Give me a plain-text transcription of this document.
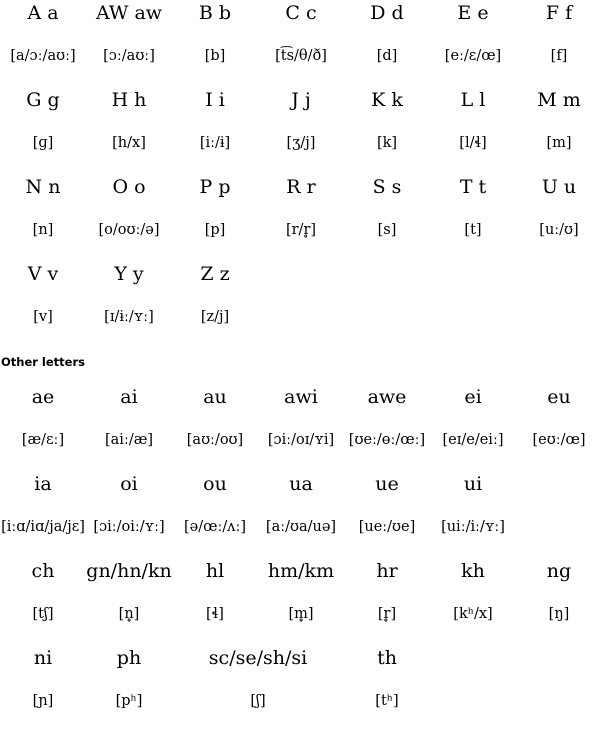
A a	AW aw	B b	C c	D d	E e	F f
[a/ɔː/aʊː]	[ɔː/aʊː]	[b]	[t͡s/θ/ð]	[d]	[eː/ɛ/œ]	[f]
G g	H h	I i	J j	K k	L l	M m
[ɡ]	[h/x]	[iː/ɨ]	[ʒ/j]	[k]	[l/ɬ]	[m]
N n	O o	P p	R r	S s	T t	U u
[n]	[o/oʊː/ə]	[p]	[r/r̥]	[s]	[t]	[uː/ʊ]
V v	Y y	Z z
[v]	[ɪ/ɨː/ʏː]	[z/j]
Other letters
ae	ai	au	awi	awe	ei	eu
[æ/ɛː]	[aiː/æ]	[aʊː/oʊ]	[ɔiː/oɪ/ʏi]	[ʊeː/ɵː/œː]	[eɪ/e/eiː]	[eʊː/œ]
ia	oi	ou	ua	ue	ui
[iːɑ/iɑ/ja/jɛ] [ɔiː/oiː/ʏː]	[ə/œː/ʌː]	[aː/ʊa/uə]	[ueː/ʊe]	[uiː/iː/ʏː]
ch	gn/hn/kn	hl	hm/km	hr	kh	ng
[tʃ]	[n̥]	[ɬ]	[m̥]	[r̥]	[kʰ/x]	[ŋ]
ni	ph	sc/se/sh/si	th
[ɲ]	[pʰ]	[ʃ]	[tʰ]
